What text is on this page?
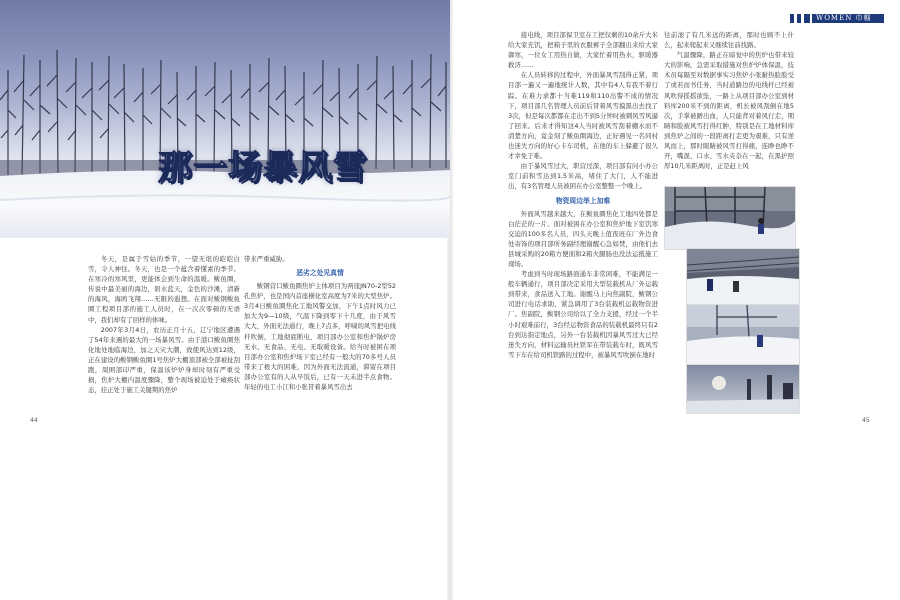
那一场暴风雪

冬天，是属于雪姑的季节，一望无垠的皑皑白雪，令人神往。冬天，也是一个蕴含着懂素的季节。在寒冷的寒风里，更能体会到生命的温暖。鲅鱼圈，传说中最美丽的海边，碧水蓝天，金色的沙滩，清新的海风，海鸥飞翔……无限的遐想。在面对鲅钢鲅鱼圈工程项目部的施工人员时，在一次次零顿的无语中，我们却有了回样的体味。

2007年3月4日，农历正月十五，辽宁地区遭遇了54年来遇的最大的一场暴风雪。由于港口鲅鱼圈焦化地处地临海边，加之天灾大潮，致使风达到12级，正在建设的鲅钢鲅鱼圈1号焦炉大棚顶部被全部被扯刮跑，周围部印严重，保温该炉炉身却时刻有严重受损，焦炉大棚内温度骤降，整个现场被迫处于瘫痪状态，挂正处于施工关键期的焦炉

带来严重威胁。

恶劣之处见真情

鲅钢营口鲅鱼圈焦炉主体项目为两座JN70-2型52孔焦炉，也是国内首座横化室高度为7米的大型焦炉。3月4日鲅鱼圈焦化工地风警交加，下午1点时风力已加大为9—10级，气温下降到零下十几度，由于风雪大大，外面无法通行，晚上7点多，呼啸的风雪把电线杆吹倒，工地彻底断电，项目部办公室和焦炉锅炉房无水、无食品、无电、无取暖设备。给当时被困在项目部办公室和焦炉场下室已经有一般大的70多号人员带来了极大的困难，因为外面无法流通，滞留在项目部办公室有的人从早饭后，已有一天未进半点食物。年轻的电工小江和小张冒着暴风雪出去

44
WOMEN 巾帼

接电线，项目部保卫室在工把仅剩的10余斤大米给大家充饥，把箱子里的衣服裤子全部翻出来给大家御寒，一位女工用热自做，大家忙着用热水，驱暖器救济……

在人员转移的过程中，外面暴风雪刮得正紧，项目部一遍又一遍地统计人数，其中有4人有我不着行踪。在难力求都十当难119和110出警不成的情况下，项目部几名管理人员前后冒着风雪摸黑出去找了3次，但是每次都都在走出不到5分钟时被刺风雪风逼了回来。后来才得知这4人当时被风雪刮着棚水而不清楚方向，竟金刻了鲅鱼圈海边，正好遇见一名同村也迷失方向的好心卡车司机，在他的车上躲避了很久才幸免于难。

由于暴风雪过大，职营过深，项目部有问小办公室门前积雪达到1.5米高，堵住了大门，人不能进出，有3名管理人员被困在办公室整整一个晚上。

物资周边举上加难

外面风雪越来越大，在鲅鱼圈焦化工地四处都是白茫茫的一片。面对被困在办公室和焦炉地下室饥寒交迫的100多名人员，四头天晚上值夜班在厂外边食处寄饰的项目部所务副经理谢醒心急如焚，由他们去县城采购的20箱方便面和2箱火腿肠也没法运抵施工现场。

考虑到当时现场路面通车非常困难，不能满足一般车辆通行，项目部决定采用大型装载机从厂外运载到带来，食品送入工地。谢醒马上向焦副院，鲅钢公司进行电话求助，紧急调用了3台装载机运载物资进厂。焦副院，鲅钢公司给以了全力支援，经过一个半小时艰难前行，3台经运物资食品的装载机最终只有2台到达指定地点，另外一台装载机因暴风雪过大已经迷失方向，材料运输员杜铁军在带装载车时，既风雪雪下车在给司机铁路的过程中，被暴风雪吹倒在地时

往前滚了有几米远的距离，那时也顾不上什么，起来爬起来又继续往前找路。

气温骤降，路正在暗觉中的焦炉也带来较大的影响，急需采取措施对焦炉炉体保温，技术员每隔至对数据事实习焦炉小张耐热脸脸受了或若而书任务，当时道路边的电线杆已经被风吹得摇摇欲坠，一路上从项目部办公室到材料库200米不到的距离，机长被风刮倒在地5次，手掌被蹭出血，人只能背对着风行走，期睛和脸被风雪打得红肿，特别是在工地材料库到焦炉之间的一段距离打走更为艰难，只有逆风而上，那时眼睛被风雪打得痛，连睁也睁不开，嘴混、口水、雪水夹杂在一起，在黑护照厚10几米距离时，正是赶上风

45
